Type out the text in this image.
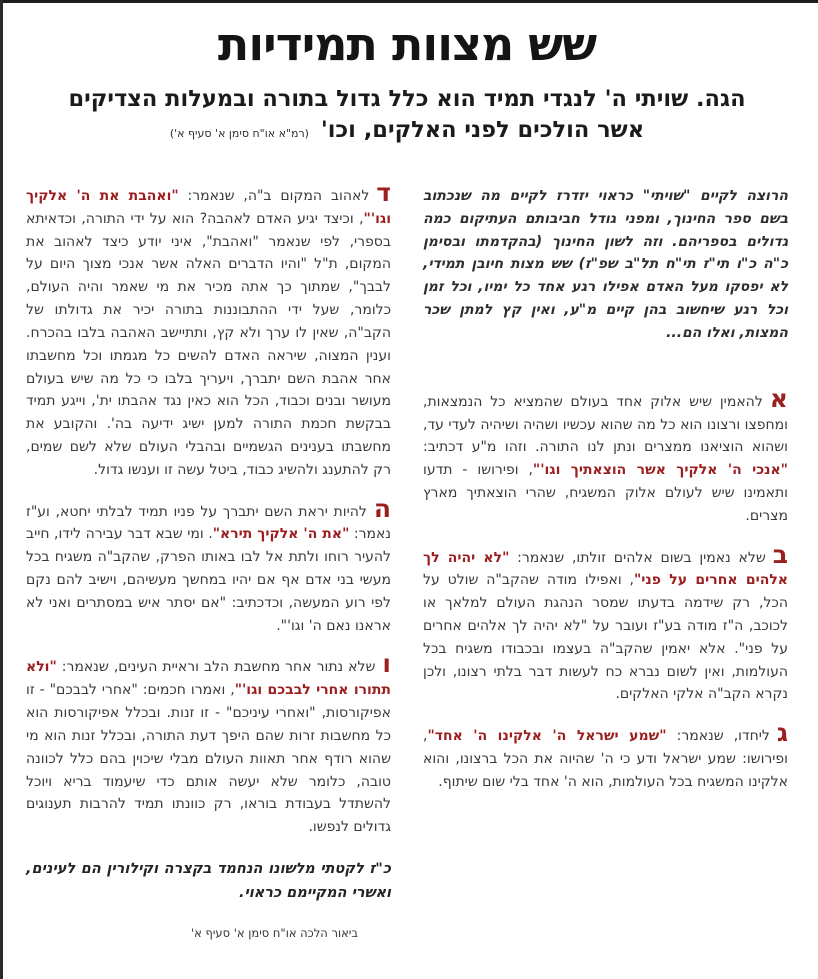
שש מצוות תמידיות
הגה. שויתי ה' לנגדי תמיד הוא כלל גדול בתורה ובמעלות הצדיקים
אשר הולכים לפני האלקים, וכו' (רמ"א או"ח סימן א' סעיף א')

הרוצה לקיים "שויתי" כראוי יזדרז לקיים מה שנכתוב בשם ספר החינוך, ומפני גודל חביבותם העתיקום כמה גדולים בספריהם. וזה לשון החינוך (בהקדמתו ובסימן כ"ה כ"ו תי"ז תי"ח תל"ב שפ"ז) שש מצות חיובן תמידי, לא יפסקו מעל האדם אפילו רגע אחד כל ימיו, וכל זמן וכל רגע שיחשוב בהן קיים מ"ע, ואין קץ למתן שכר המצות, ואלו הם...

אלהאמין שיש אלוק אחד בעולם שהמציא כל הנמצאות, ומחפצו ורצונו הוא כל מה שהוא עכשיו ושהיה ושיהיה לעדי עד, ושהוא הוציאנו ממצרים ונתן לנו התורה. וזהו מ"ע דכתיב: "אנכי ה' אלקיך אשר הוצאתיך וגו'", ופירושו - תדעו ותאמינו שיש לעולם אלוק המשגיח, שהרי הוצאתיך מארץ מצרים.

בשלא נאמין בשום אלהים זולתו, שנאמר: "לא יהיה לך אלהים אחרים על פני", ואפילו מודה שהקב"ה שולט על הכל, רק שידמה בדעתו שמסר הנהגת העולם למלאך או לכוכב, ה"ז מודה בע"ז ועובר על "לא יהיה לך אלהים אחרים על פני". אלא יאמין שהקב"ה בעצמו ובכבודו משגיח בכל העולמות, ואין לשום נברא כח לעשות דבר בלתי רצונו, ולכן נקרא הקב"ה אלקי האלקים.

גליחדו, שנאמר: "שמע ישראל ה' אלקינו ה' אחד", ופירושו: שמע ישראל ודע כי ה' שהיוה את הכל ברצונו, והוא אלקינו המשגיח בכל העולמות, הוא ה' אחד בלי שום שיתוף.

דלאהוב המקום ב"ה, שנאמר: "ואהבת את ה' אלקיך וגו'", וכיצד יגיע האדם לאהבה? הוא על ידי התורה, וכדאיתא בספרי, לפי שנאמר "ואהבת", איני יודע כיצד לאהוב את המקום, ת"ל "והיו הדברים האלה אשר אנכי מצוך היום על לבבך", שמתוך כך אתה מכיר את מי שאמר והיה העולם, כלומר, שעל ידי ההתבוננות בתורה יכיר את גדולתו של הקב"ה, שאין לו ערך ולא קץ, ותתיישב האהבה בלבו בהכרח. וענין המצוה, שיראה האדם להשים כל מגמתו וכל מחשבתו אחר אהבת השם יתברך, ויעריך בלבו כי כל מה שיש בעולם מעושר ובנים וכבוד, הכל הוא כאין נגד אהבתו ית', וייגע תמיד בבקשת חכמת התורה למען ישיג ידיעה בה'. והקובע את מחשבתו בענינים הגשמיים ובהבלי העולם שלא לשם שמים, רק להתענג ולהשיג כבוד, ביטל עשה זו וענשו גדול.

הלהיות יראת השם יתברך על פניו תמיד לבלתי יחטא, וע"ז נאמר: "את ה' אלקיך תירא". ומי שבא דבר עבירה לידו, חייב להעיר רוחו ולתת אל לבו באותו הפרק, שהקב"ה משגיח בכל מעשי בני אדם אף אם יהיו במחשך מעשיהם, וישיב להם נקם לפי רוע המעשה, וכדכתיב: "אם יסתר איש במסתרים ואני לא אראנו נאם ה' וגו'".

ושלא נתור אחר מחשבת הלב וראיית העינים, שנאמר: "ולא תתורו אחרי לבבכם וגו'", ואמרו חכמים: "אחרי לבבכם" - זו אפיקורסות, "ואחרי עיניכם" - זו זנות. ובכלל אפיקורסות הוא כל מחשבות זרות שהם היפך דעת התורה, ובכלל זנות הוא מי שהוא רודף אחר תאוות העולם מבלי שיכוין בהם כלל לכוונה טובה, כלומר שלא יעשה אותם כדי שיעמוד בריא ויוכל להשתדל בעבודת בוראו, רק כוונתו תמיד להרבות תענוגים גדולים לנפשו.

כ"ז לקטתי מלשונו הנחמד בקצרה וקילורין הם לעינים, ואשרי המקיימם כראוי.

ביאור הלכה או"ח סימן א' סעיף א'
